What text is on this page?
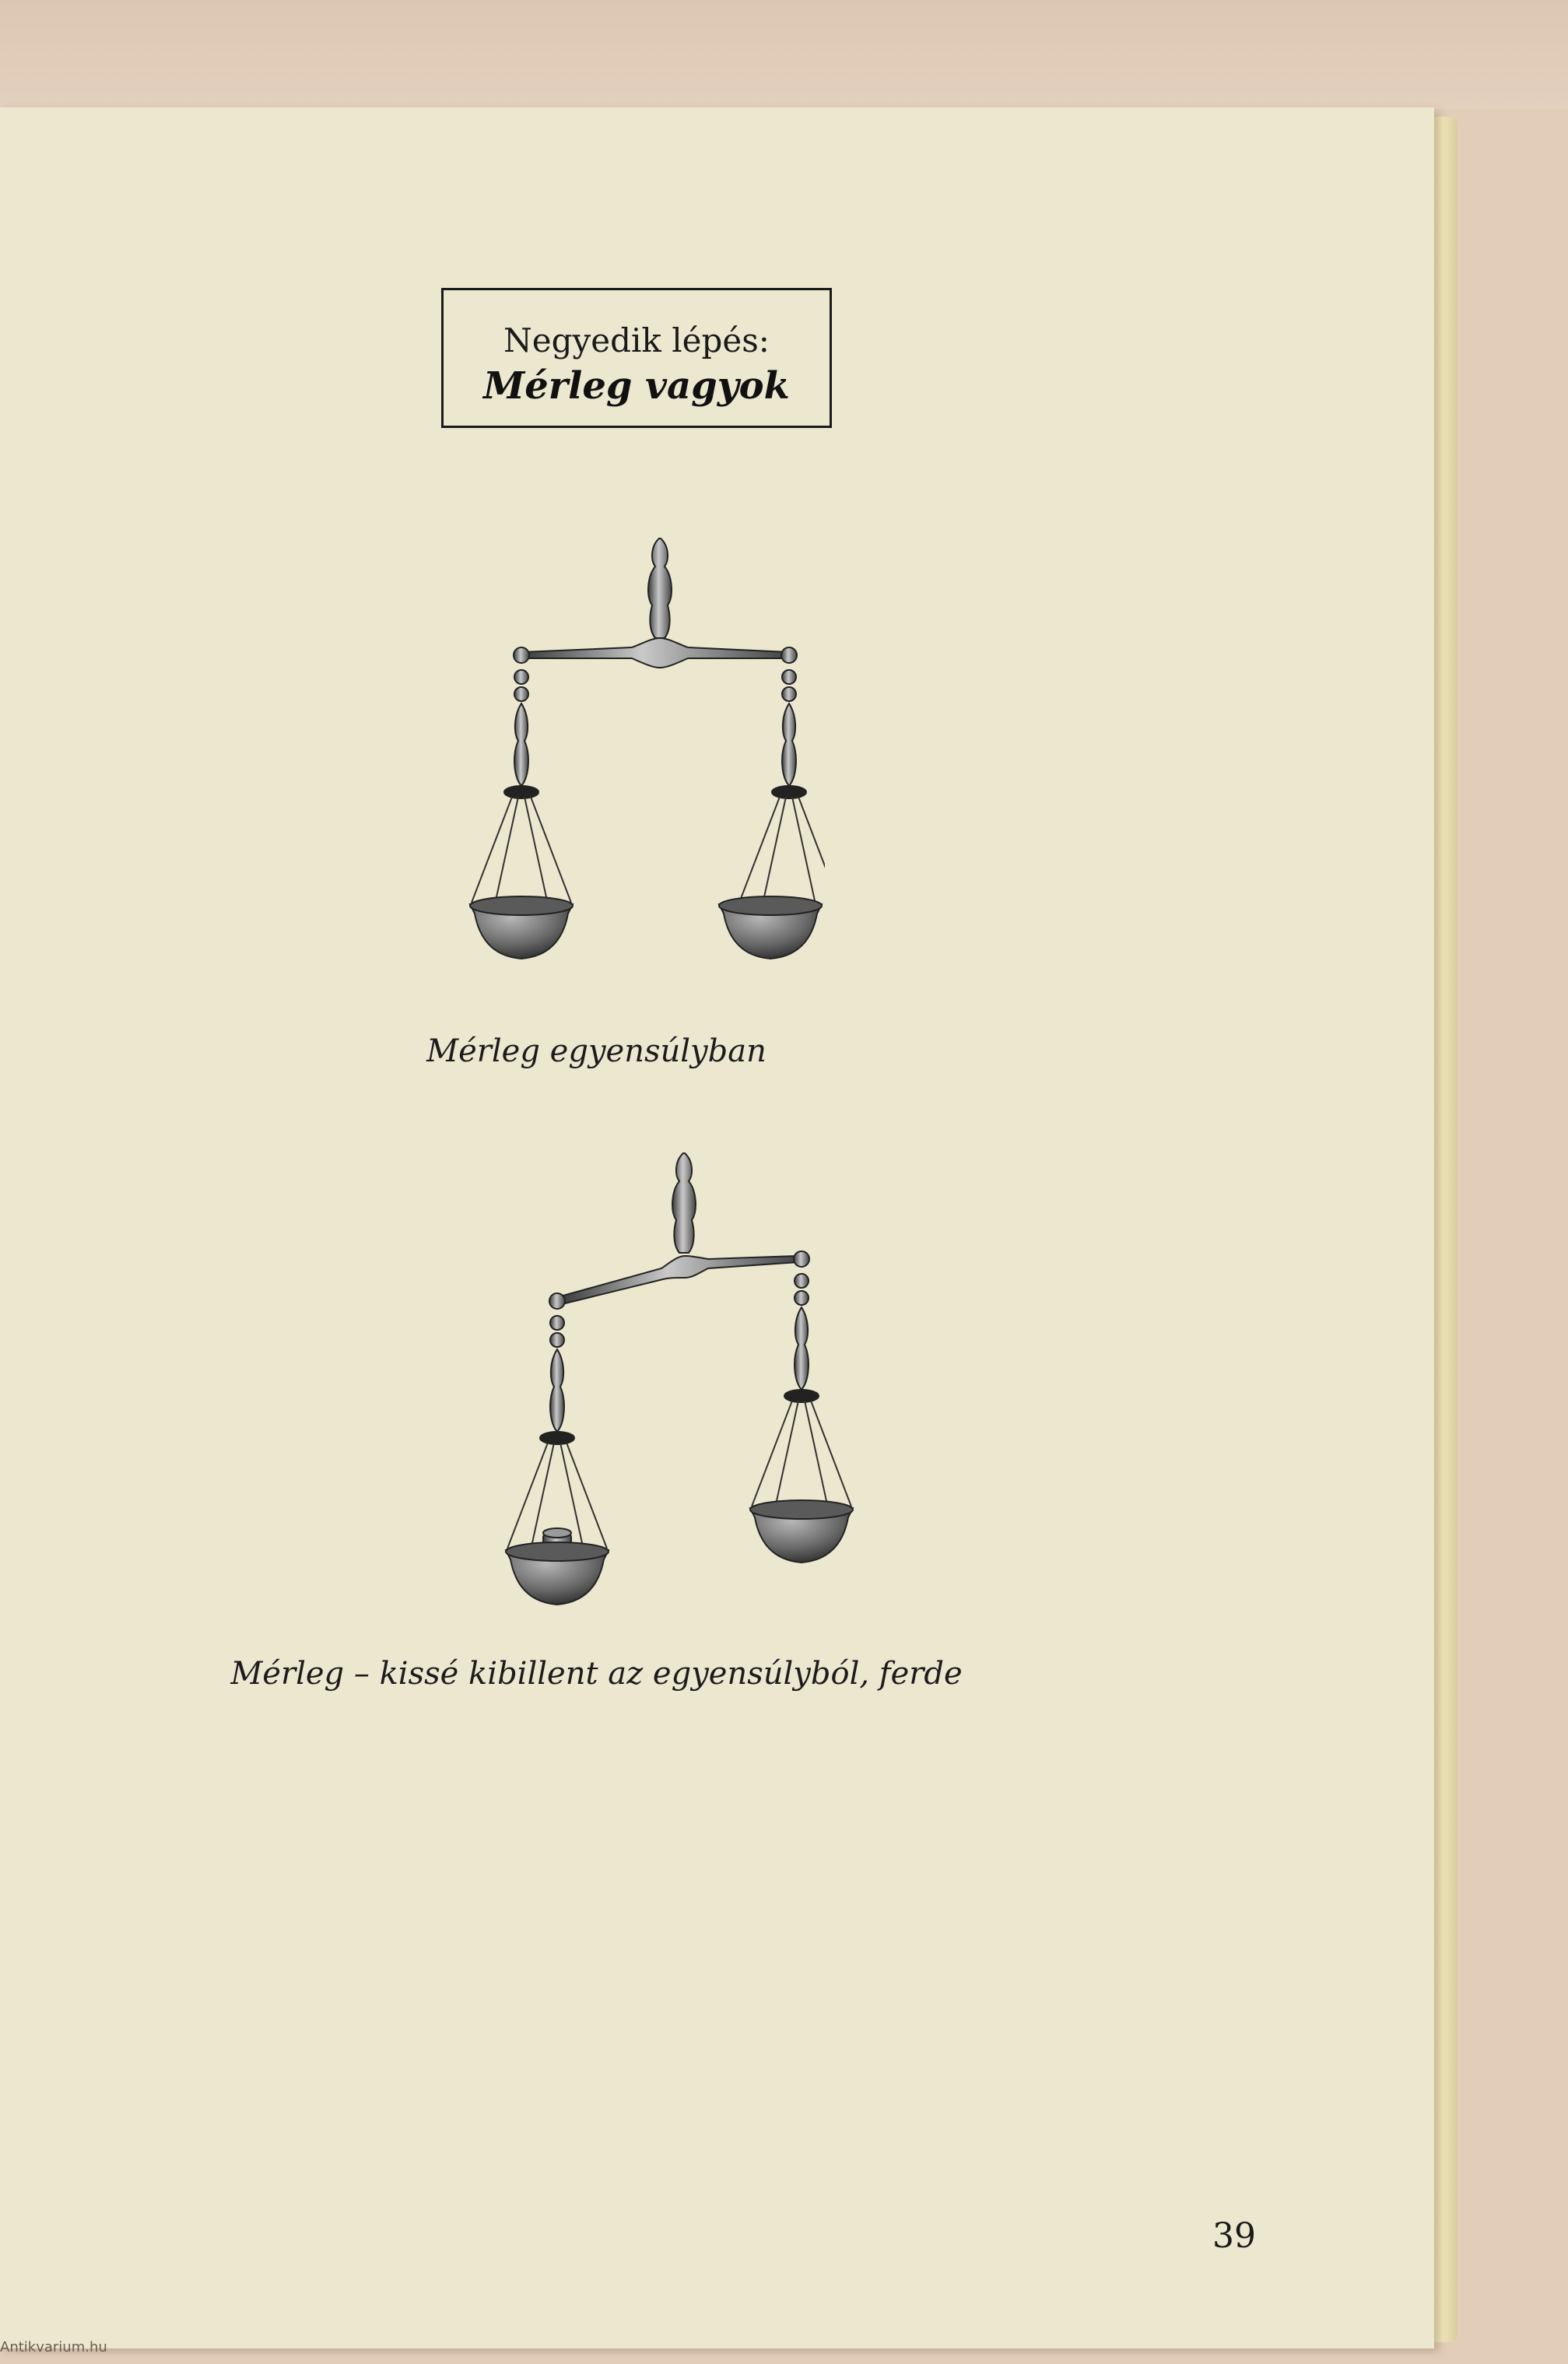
Negyedik lépés:
Mérleg vagyok
Mérleg egyensúlyban
Mérleg – kissé kibillent az egyensúlyból, ferde
39
Antikvarium.hu
